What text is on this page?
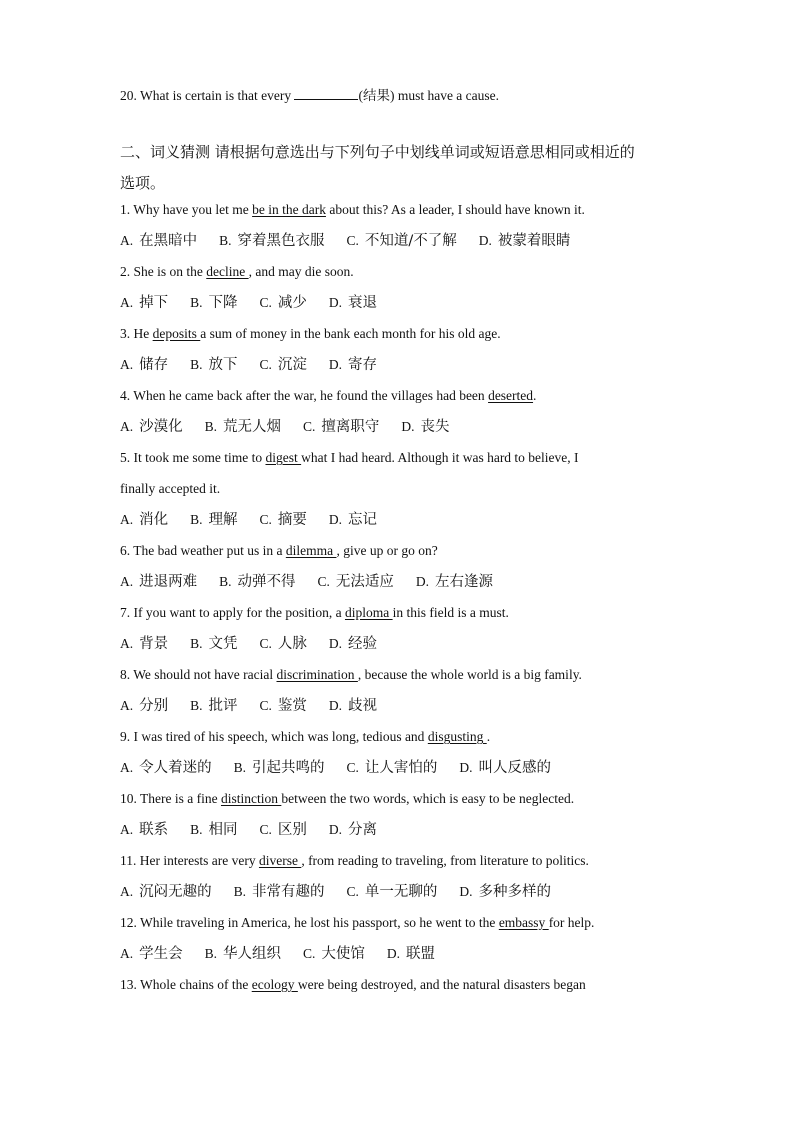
20. What is certain is that every	(结果) must have a cause.
二、词义猜测 请根据句意选出与下列句子中划线单词或短语意思相同或相近的
选项。
1. Why have you let me be in the dark about this? As a leader, I should have known it.
A. 在黑暗中 B. 穿着黑色衣服 C. 不知道/不了解 D. 被蒙着眼睛
2. She is on the decline , and may die soon.
A. 掉下 B. 下降 C. 减少 D. 衰退
3. He deposits a sum of money in the bank each month for his old age.
A. 储存 B. 放下 C. 沉淀 D. 寄存
4. When he came back after the war, he found the villages had been deserted.
A. 沙漠化 B. 荒无人烟 C. 擅离职守 D. 丧失
5. It took me some time to digest what I had heard. Although it was hard to believe, I
finally accepted it.
A. 消化 B. 理解 C. 摘要 D. 忘记
6. The bad weather put us in a dilemma , give up or go on?
A. 进退两难 B. 动弹不得 C. 无法适应 D. 左右逢源
7. If you want to apply for the position, a diploma in this field is a must.
A. 背景 B. 文凭 C. 人脉 D. 经验
8. We should not have racial discrimination , because the whole world is a big family.
A. 分别 B. 批评 C. 鉴赏 D. 歧视
9. I was tired of his speech, which was long, tedious and disgusting .
A. 令人着迷的 B. 引起共鸣的 C. 让人害怕的 D. 叫人反感的
10. There is a fine distinction between the two words, which is easy to be neglected.
A. 联系 B. 相同 C. 区别 D. 分离
11. Her interests are very diverse , from reading to traveling, from literature to politics.
A. 沉闷无趣的 B. 非常有趣的 C. 单一无聊的 D. 多种多样的
12. While traveling in America, he lost his passport, so he went to the embassy for help.
A. 学生会 B. 华人组织 C. 大使馆 D. 联盟
13. Whole chains of the ecology were being destroyed, and the natural disasters began
